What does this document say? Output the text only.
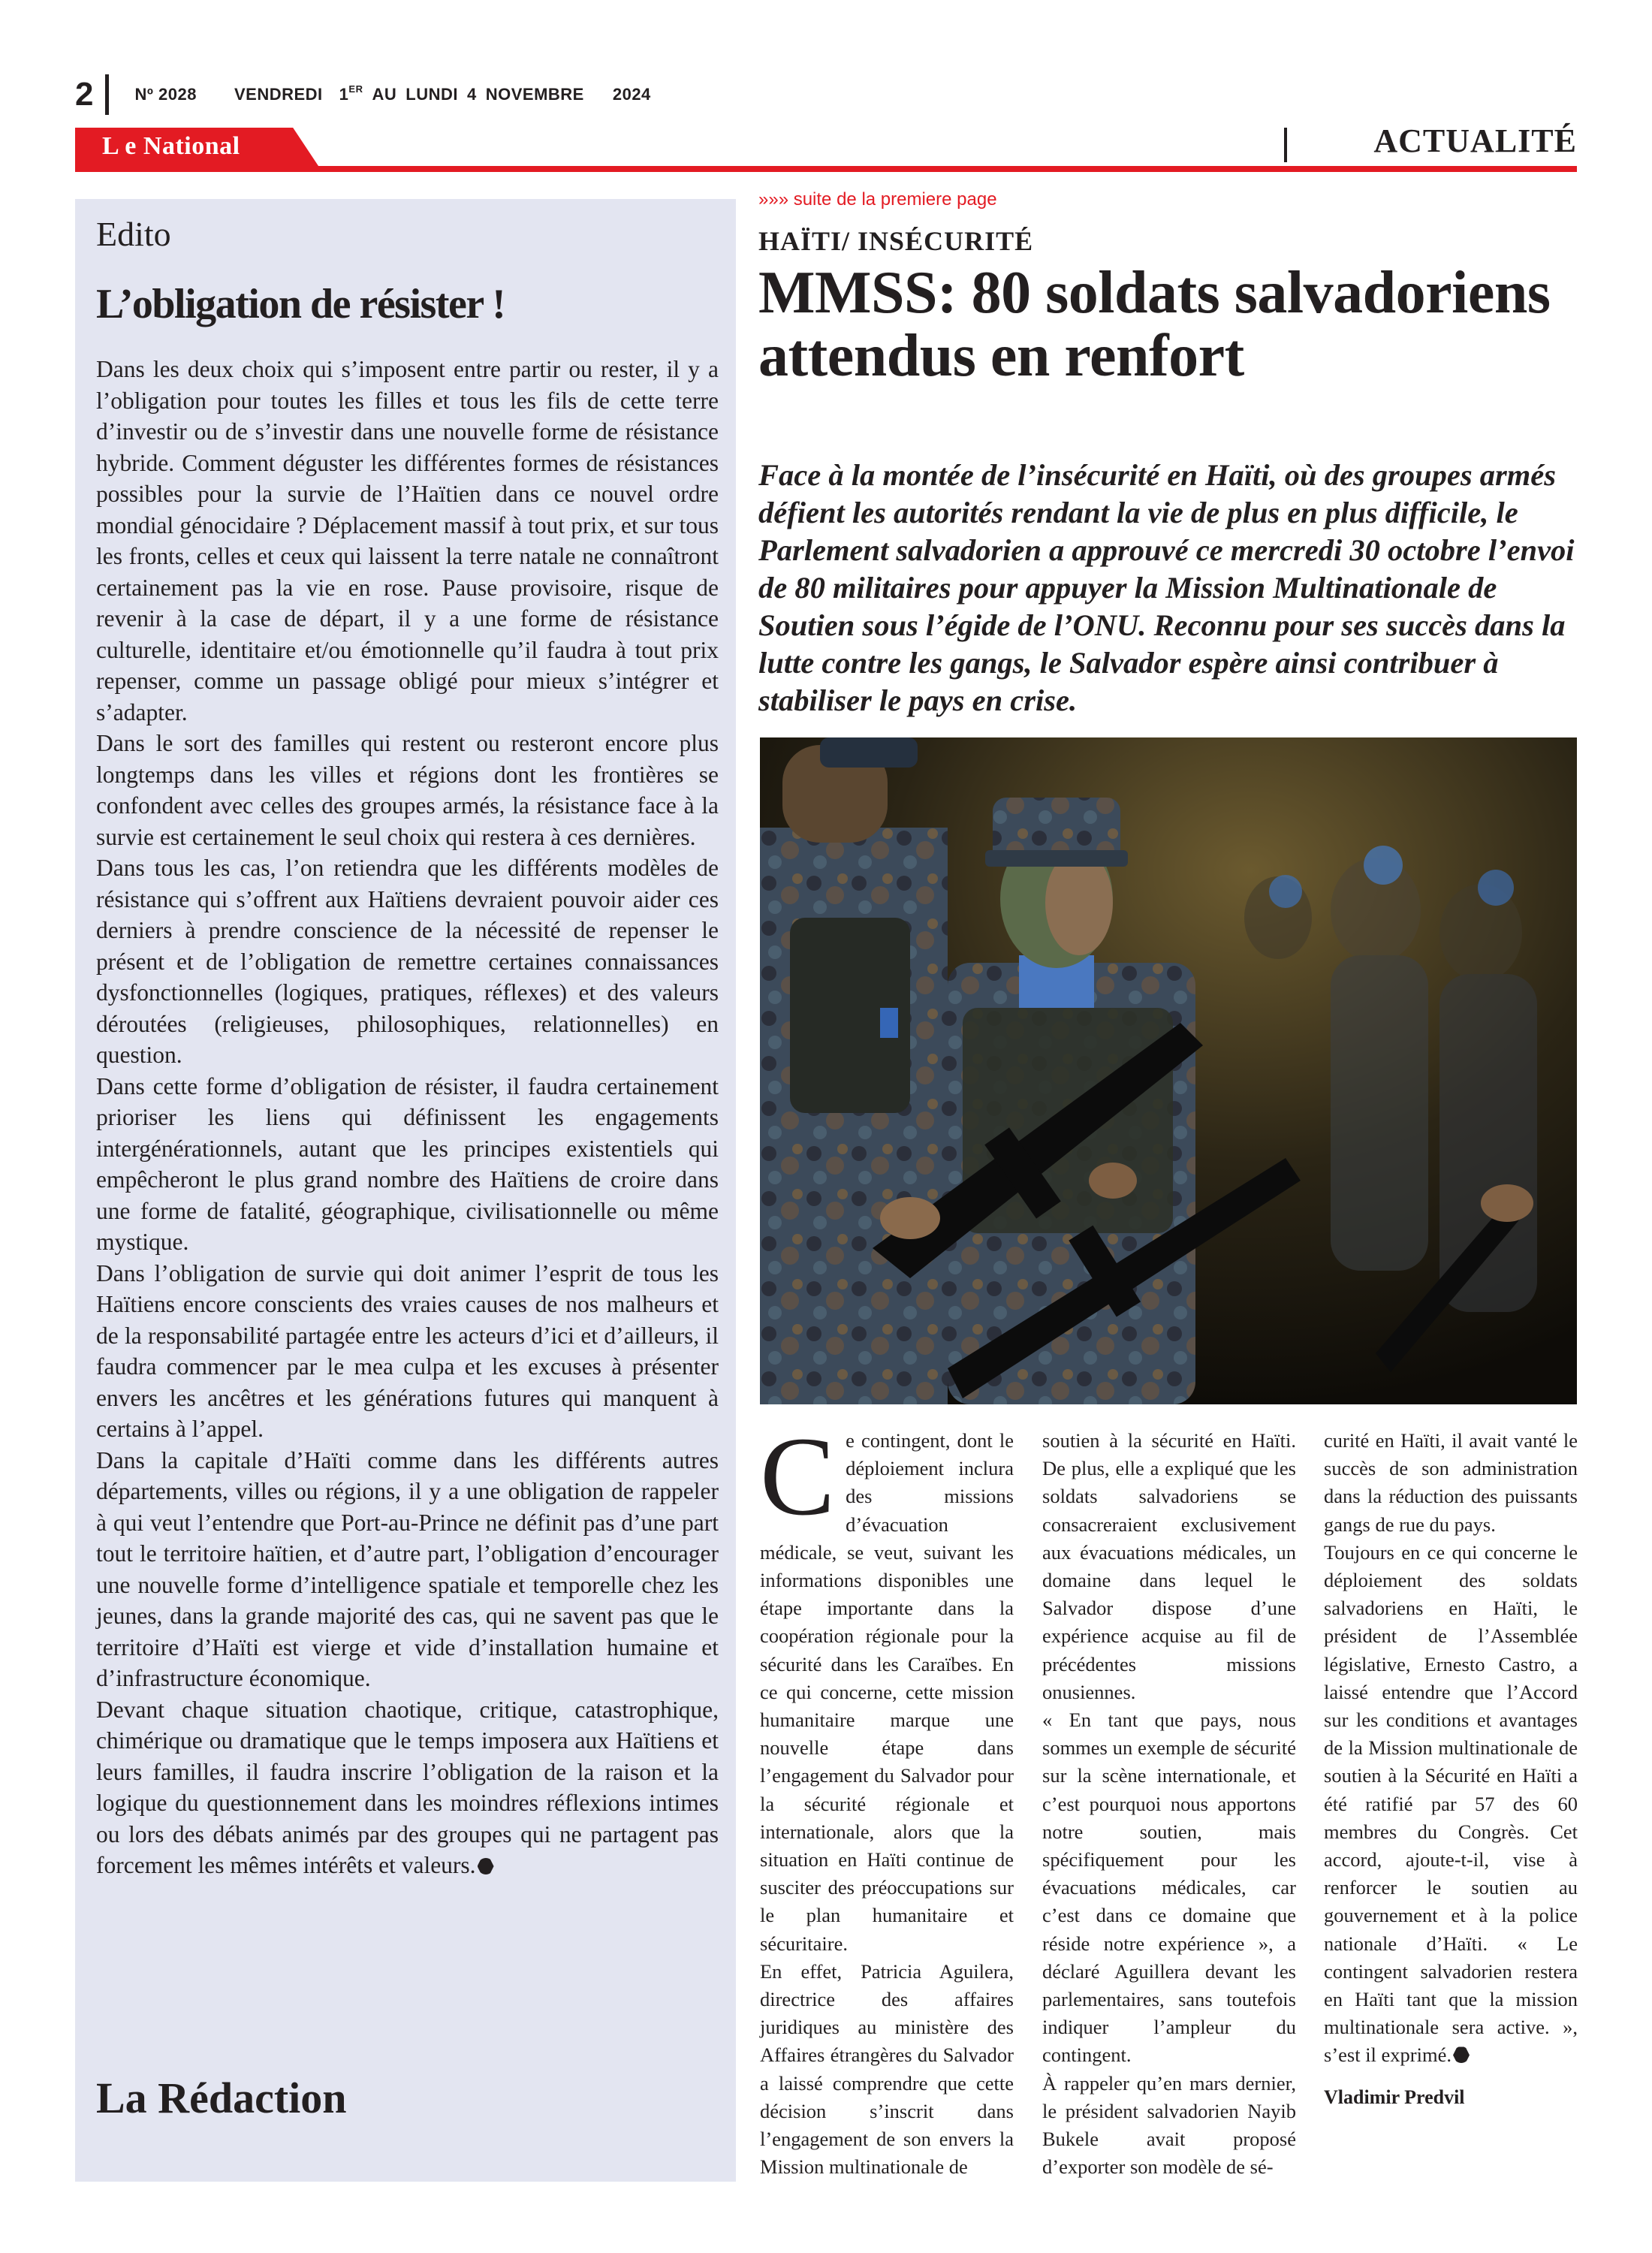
2	Nº 2028 VENDREDI 1 ER AU LUNDI 4 NOVEMBRE 2024
L e National	ACTUALITÉ
Edito
L’obligation de résister !

Dans les deux choix qui s’imposent entre partir ou rester, il y a l’obligation pour toutes les filles et tous les fils de cette terre d’investir ou de s’investir dans une nouvelle forme de résistance hybride. Comment déguster les différentes formes de résistances possibles pour la survie de l’Haïtien dans ce nouvel ordre mondial génocidaire ? Déplacement massif à tout prix, et sur tous les fronts, celles et ceux qui laissent la terre natale ne connaîtront certainement pas la vie en rose. Pause provisoire, risque de revenir à la case de départ, il y a une forme de résistance culturelle, identitaire et/ou émotionnelle qu’il faudra à tout prix repenser, comme un passage obligé pour mieux s’intégrer et s’adapter.

Dans le sort des familles qui restent ou resteront encore plus longtemps dans les villes et régions dont les frontières se confondent avec celles des groupes armés, la résistance face à la survie est certainement le seul choix qui restera à ces dernières.

Dans tous les cas, l’on retiendra que les différents modèles de résistance qui s’offrent aux Haïtiens devraient pouvoir aider ces derniers à prendre conscience de la nécessité de repenser le présent et de l’obligation de remettre certaines connaissances dysfonctionnelles (logiques, pratiques, réflexes) et des valeurs déroutées (religieuses, philosophiques, relationnelles) en question.

Dans cette forme d’obligation de résister, il faudra certainement prioriser les liens qui définissent les engagements intergénérationnels, autant que les principes existentiels qui empêcheront le plus grand nombre des Haïtiens de croire dans une forme de fatalité, géographique, civilisationnelle ou même mystique.

Dans l’obligation de survie qui doit animer l’esprit de tous les Haïtiens encore conscients des vraies causes de nos malheurs et de la responsabilité partagée entre les acteurs d’ici et d’ailleurs, il faudra commencer par le mea culpa et les excuses à présenter envers les ancêtres et les générations futures qui manquent à certains à l’appel.

Dans la capitale d’Haïti comme dans les différents autres départements, villes ou régions, il y a une obligation de rappeler à qui veut l’entendre que Port-au-Prince ne définit pas d’une part tout le territoire haïtien, et d’autre part, l’obligation d’encourager une nouvelle forme d’intelligence spatiale et temporelle chez les jeunes, dans la grande majorité des cas, qui ne savent pas que le territoire d’Haïti est vierge et vide d’installation humaine et d’infrastructure économique.

Devant chaque situation chaotique, critique, catastrophique, chimérique ou dramatique que le temps imposera aux Haïtiens et leurs familles, il faudra inscrire l’obligation de la raison et la logique du questionnement dans les moindres réflexions intimes ou lors des débats animés par des groupes qui ne partagent pas forcement les mêmes intérêts et valeurs.

La Rédaction
»»» suite de la premiere page
HAÏTI/ INSÉCURITÉ
MMSS: 80 soldats salvadoriens attendus en renfort
Face à la montée de l’insécurité en Haïti, où des groupes armés défient les autorités rendant la vie de plus en plus difficile, le Parlement salvadorien a approuvé ce mercredi 30 octobre l’envoi de 80 militaires pour appuyer la Mission Multinationale de Soutien sous l’égide de l’ONU. Reconnu pour ses succès dans la lutte contre les gangs, le Salvador espère ainsi contribuer à stabiliser le pays en crise.
C e contingent, dont le déploiement inclura des missions d’évacuation médicale, se veut, suivant les informations disponibles une étape importante dans la coopération régionale pour la sécurité dans les Caraïbes. En ce qui concerne, cette mission humanitaire marque une nouvelle étape dans l’engagement du Salvador pour la sécurité régionale et internationale, alors que la situation en Haïti continue de susciter des préoccupations sur le plan humanitaire et sécuritaire.

En effet, Patricia Aguilera, directrice des affaires juridiques au ministère des Affaires étrangères du Salvador a laissé comprendre que cette décision s’inscrit dans l’engagement de son envers la Mission multinationale de

soutien à la sécurité en Haïti. De plus, elle a expliqué que les soldats salvadoriens se consacreraient exclusivement aux évacuations médicales, un domaine dans lequel le Salvador dispose d’une expérience acquise au fil de précédentes missions onusiennes.

« En tant que pays, nous sommes un exemple de sécurité sur la scène internationale, et c’est pourquoi nous apportons notre soutien, mais spécifiquement pour les évacuations médicales, car c’est dans ce domaine que réside notre expérience », a déclaré Aguillera devant les parlementaires, sans toutefois indiquer l’ampleur du contingent.

À rappeler qu’en mars dernier, le président salvadorien Nayib Bukele avait proposé d’exporter son modèle de sé-

curité en Haïti, il avait vanté le succès de son administration dans la réduction des puissants gangs de rue du pays.

Toujours en ce qui concerne le déploiement des soldats salvadoriens en Haïti, le président de l’Assemblée législative, Ernesto Castro, a laissé entendre que l’Accord sur les conditions et avantages de la Mission multinationale de soutien à la Sécurité en Haïti a été ratifié par 57 des 60 membres du Congrès. Cet accord, ajoute-t-il, vise à renforcer le soutien au gouvernement et à la police nationale d’Haïti. « Le contingent salvadorien restera en Haïti tant que la mission multinationale sera active. », s’est il exprimé.

Vladimir Predvil
